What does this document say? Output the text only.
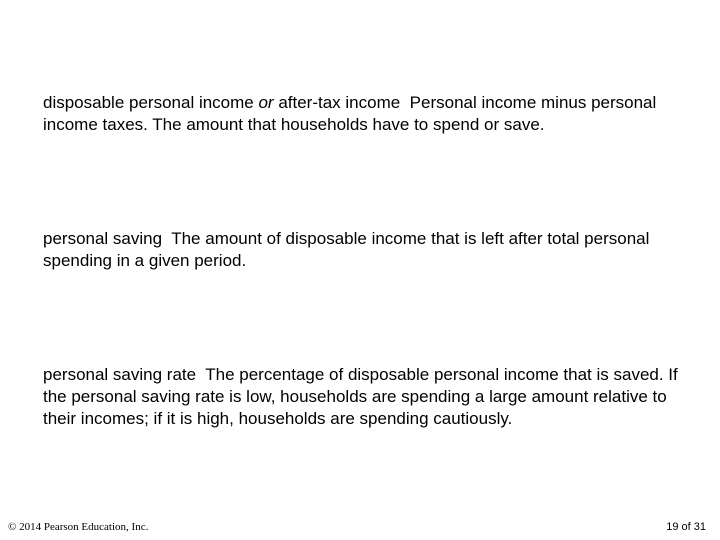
disposable personal income or after-tax income Personal income minus personal income taxes. The amount that households have to spend or save.

personal saving The amount of disposable income that is left after total personal spending in a given period.

personal saving rate The percentage of disposable personal income that is saved. If the personal saving rate is low, households are spending a large amount relative to their incomes; if it is high, households are spending cautiously.

© 2014 Pearson Education, Inc.	19 of 31
